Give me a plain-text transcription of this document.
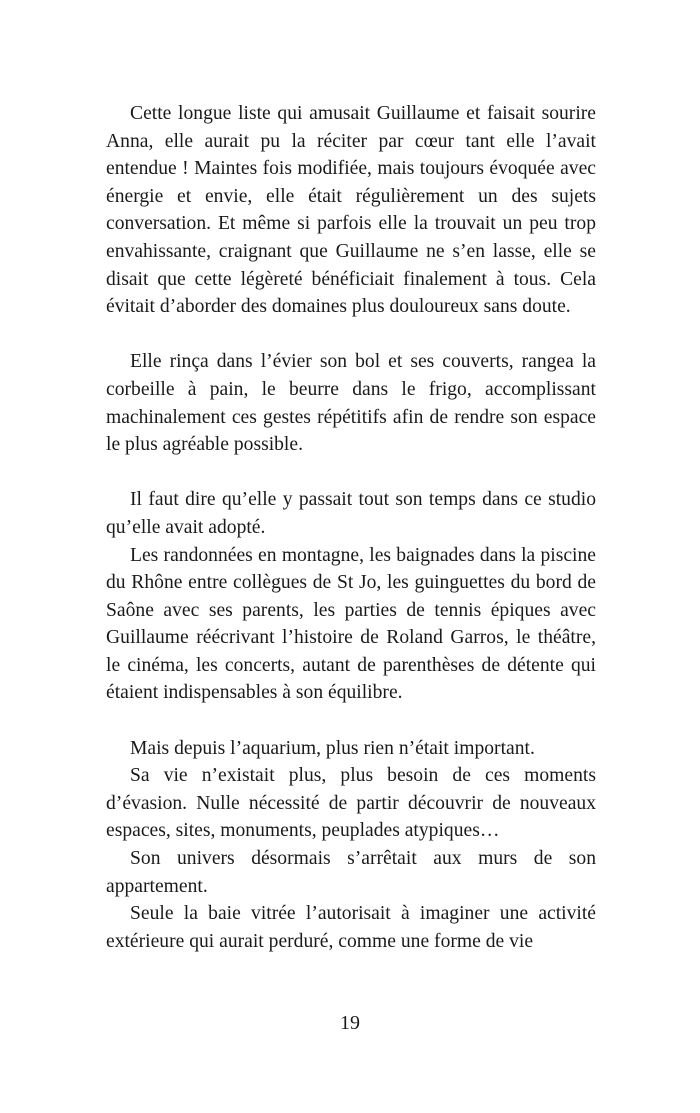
Cette longue liste qui amusait Guillaume et faisait sourire Anna, elle aurait pu la réciter par cœur tant elle l’avait entendue ! Maintes fois modifiée, mais toujours évoquée avec énergie et envie, elle était régulièrement un des sujets conversation. Et même si parfois elle la trouvait un peu trop envahissante, craignant que Guillaume ne s’en lasse, elle se disait que cette légèreté bénéficiait finalement à tous. Cela évitait d’aborder des domaines plus douloureux sans doute.

Elle rinça dans l’évier son bol et ses couverts, rangea la corbeille à pain, le beurre dans le frigo, accomplissant machinalement ces gestes répétitifs afin de rendre son espace le plus agréable possible.

Il faut dire qu’elle y passait tout son temps dans ce studio qu’elle avait adopté.

Les randonnées en montagne, les baignades dans la piscine du Rhône entre collègues de St Jo, les guinguettes du bord de Saône avec ses parents, les parties de tennis épiques avec Guillaume réécrivant l’histoire de Roland Garros, le théâtre, le cinéma, les concerts, autant de parenthèses de détente qui étaient indispensables à son équilibre.

Mais depuis l’aquarium, plus rien n’était important.

Sa vie n’existait plus, plus besoin de ces moments d’évasion. Nulle nécessité de partir découvrir de nouveaux espaces, sites, monuments, peuplades atypiques…

Son univers désormais s’arrêtait aux murs de son appartement.

Seule la baie vitrée l’autorisait à imaginer une activité extérieure qui aurait perduré, comme une forme de vie

19
